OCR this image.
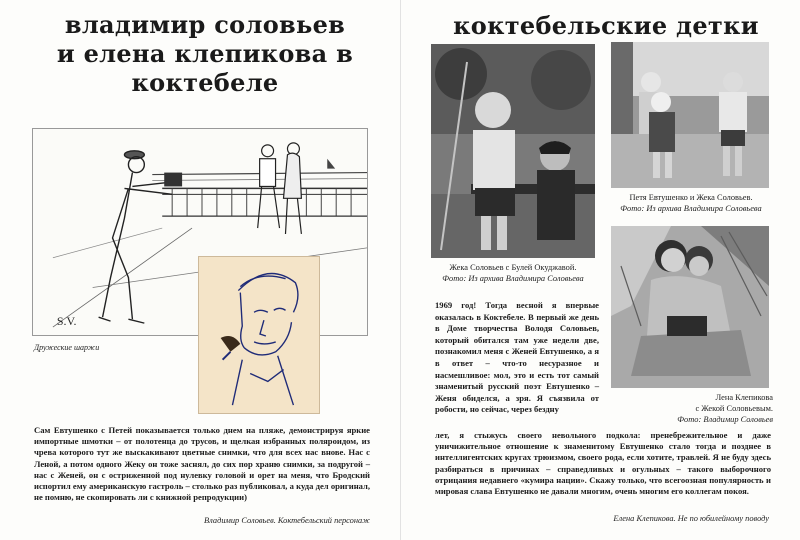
владимир соловьев
и елена клепикова в
коктебеле
S.V.
Дружеские шаржи
Сам Евтушенко с Петей показывается только днем на пляже, демонстрируя яркие импортные шмотки – от полотенца до трусов, и щелкая избранных поляроидом, из чрева которого тут же выскакивают цветные снимки, что для всех нас внове. Нас с Леной, а потом одного Жеку он тоже заснял, до сих пор храню снимки, за подругой – нас с Женей, он с остриженной под нулевку головой и орет на меня, что Бродский испортил ему американскую гастроль – столько раз публиковал, а куда дел оригинал, не помню, не скопировать ли с книжной репродукции)
Владимир Соловьев. Коктебельский персонаж
коктебельские детки
Жека Соловьев с Булей Окуджавой.
Фото: Из архива Владимира Соловьева
Петя Евтушенко и Жека Соловьев.
Фото: Из архива Владимира Соловьева
Лена Клепикова
с Жекой Соловьевым.
Фото: Владимир Соловьев
1969 год! Тогда весной я впервые оказалась в Коктебеле. В первый же день в Доме творчества Володя Соловьев, который обитался там уже недели две, познакомил меня с Женей Евтушенко, а я в ответ – что-то несуразное и насмешливое: мол, это и есть тот самый знаменитый русский поэт Евтушенко – Женя обиделся, а зря. Я съязвила от робости, но сейчас, через бездну
лет, я стыжусь своего невольного подкола: пренебрежительное и даже уничижительное отношение к знаменитому Евтушенко стало тогда и позднее в интеллигентских кругах трюизмом, своего рода, если хотите, травлей. Я не буду здесь разбираться в причинах – справедливых и огульных – такого выборочного отрицания недавнего «кумира нации». Скажу только, что всегоозная популярность и мировая слава Евтушенко не давали многим, очень многим его коллегам покоя.
Елена Клепикова. Не по юбилейному поводу
